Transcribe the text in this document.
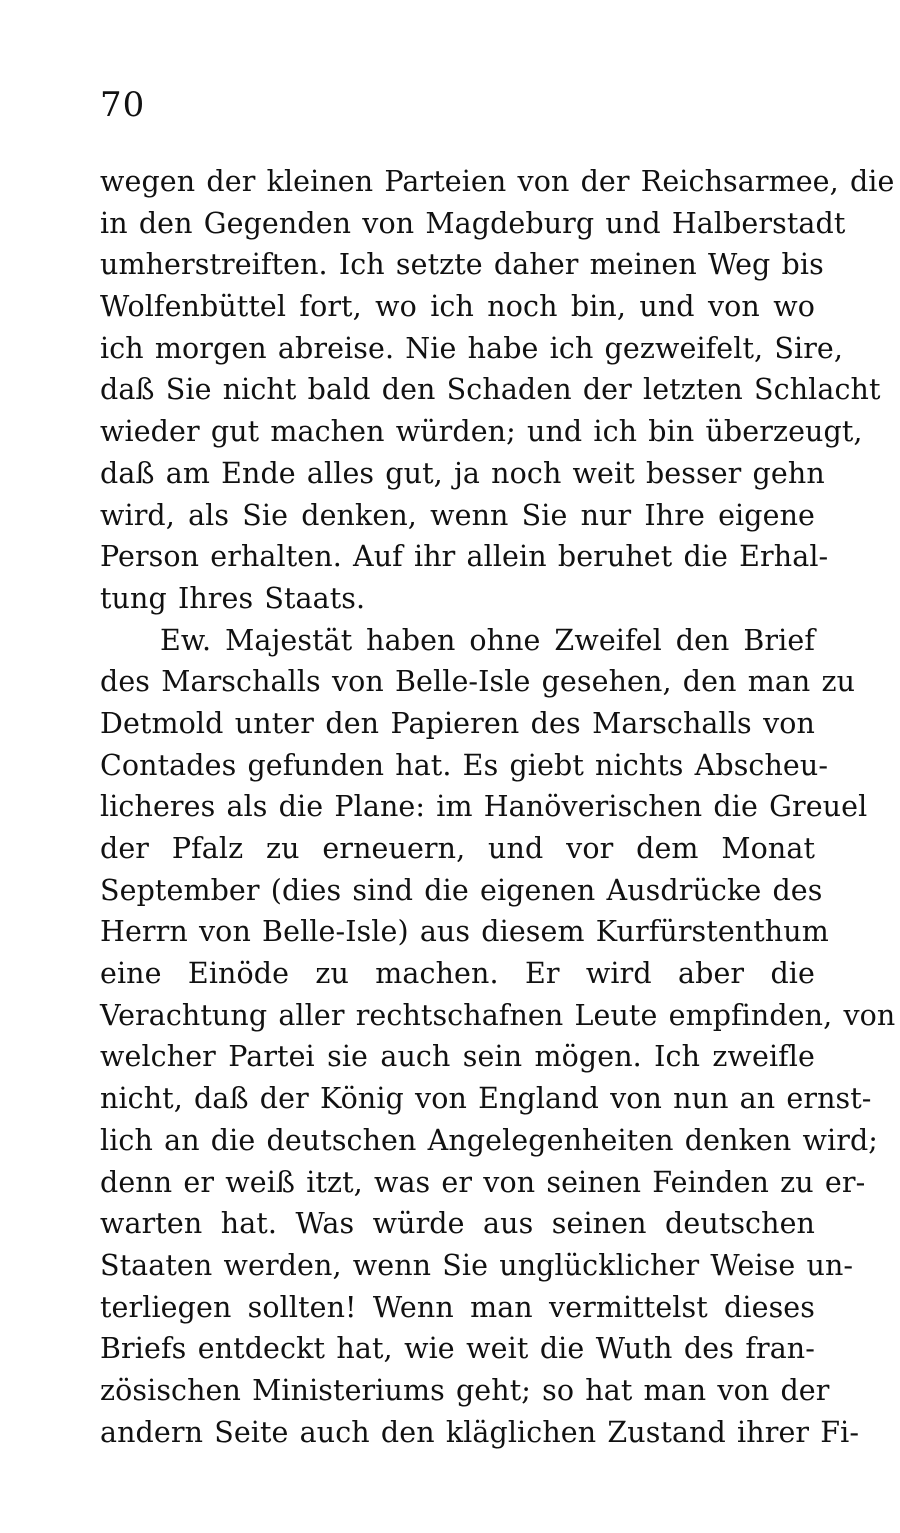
70
wegen der kleinen Parteien von der Reichsarmee, die
in den Gegenden von Magdeburg und Halberstadt
umherstreiften. Ich setzte daher meinen Weg bis
Wolfenbüttel fort, wo ich noch bin, und von wo
ich morgen abreise. Nie habe ich gezweifelt, Sire,
daß Sie nicht bald den Schaden der letzten Schlacht
wieder gut machen würden; und ich bin überzeugt,
daß am Ende alles gut, ja noch weit besser gehn
wird, als Sie denken, wenn Sie nur Ihre eigene
Person erhalten. Auf ihr allein beruhet die Erhal-
tung Ihres Staats.
Ew. Majestät haben ohne Zweifel den Brief
des Marschalls von Belle-Isle gesehen, den man zu
Detmold unter den Papieren des Marschalls von
Contades gefunden hat. Es giebt nichts Abscheu-
licheres als die Plane: im Hanöverischen die Greuel
der Pfalz zu erneuern, und vor dem Monat
September (dies sind die eigenen Ausdrücke des
Herrn von Belle-Isle) aus diesem Kurfürstenthum
eine Einöde zu machen. Er wird aber die
Verachtung aller rechtschafnen Leute empfinden, von
welcher Partei sie auch sein mögen. Ich zweifle
nicht, daß der König von England von nun an ernst-
lich an die deutschen Angelegenheiten denken wird;
denn er weiß itzt, was er von seinen Feinden zu er-
warten hat. Was würde aus seinen deutschen
Staaten werden, wenn Sie unglücklicher Weise un-
terliegen sollten! Wenn man vermittelst dieses
Briefs entdeckt hat, wie weit die Wuth des fran-
zösischen Ministeriums geht; so hat man von der
andern Seite auch den kläglichen Zustand ihrer Fi-
